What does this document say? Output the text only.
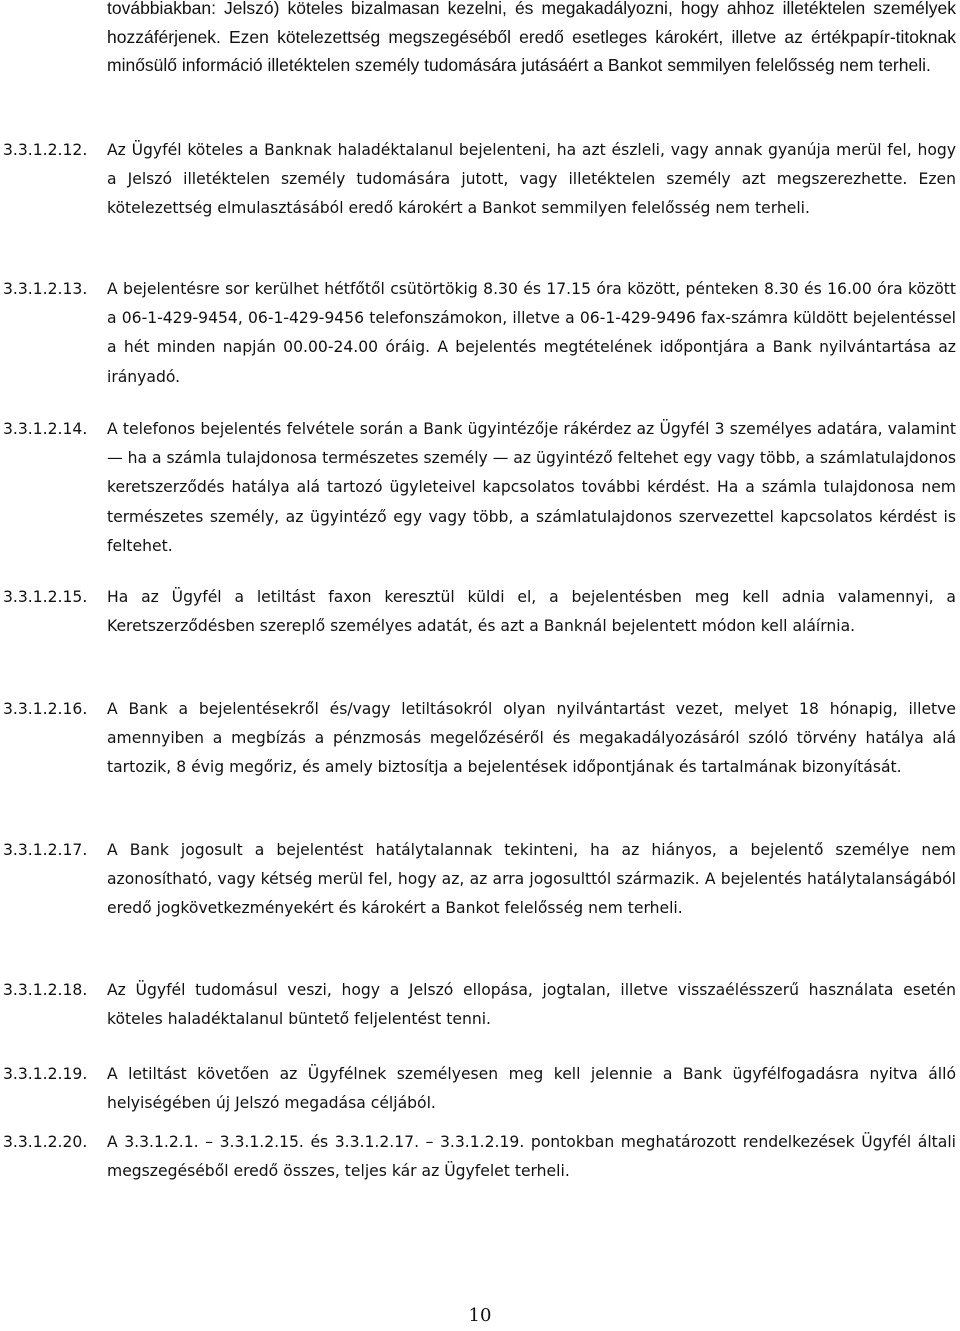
továbbiakban: Jelszó) köteles bizalmasan kezelni, és megakadályozni, hogy ahhoz illetéktelen személyek hozzáférjenek. Ezen kötelezettség megszegéséből eredő esetleges károkért, illetve az értékpapír-titoknak minősülő információ illetéktelen személy tudomására jutásáért a Bankot semmilyen felelősség nem terheli.

3.3.1.2.12. Az Ügyfél köteles a Banknak haladéktalanul bejelenteni, ha azt észleli, vagy annak gyanúja merül fel, hogy a Jelszó illetéktelen személy tudomására jutott, vagy illetéktelen személy azt megszerezhette. Ezen kötelezettség elmulasztásából eredő károkért a Bankot semmilyen felelősség nem terheli.
3.3.1.2.13. A bejelentésre sor kerülhet hétfőtől csütörtökig 8.30 és 17.15 óra között, pénteken 8.30 és 16.00 óra között a 06-1-429-9454, 06-1-429-9456 telefonszámokon, illetve a 06-1-429-9496 fax-számra küldött bejelentéssel a hét minden napján 00.00-24.00 óráig. A bejelentés megtételének időpontjára a Bank nyilvántartása az irányadó.
3.3.1.2.14. A telefonos bejelentés felvétele során a Bank ügyintézője rákérdez az Ügyfél 3 személyes adatára, valamint — ha a számla tulajdonosa természetes személy — az ügyintéző feltehet egy vagy több, a számlatulajdonos keretszerződés hatálya alá tartozó ügyleteivel kapcsolatos további kérdést. Ha a számla tulajdonosa nem természetes személy, az ügyintéző egy vagy több, a számlatulajdonos szervezettel kapcsolatos kérdést is feltehet.
3.3.1.2.15. Ha az Ügyfél a letiltást faxon keresztül küldi el, a bejelentésben meg kell adnia valamennyi, a Keretszerződésben szereplő személyes adatát, és azt a Banknál bejelentett módon kell aláírnia.
3.3.1.2.16. A Bank a bejelentésekről és/vagy letiltásokról olyan nyilvántartást vezet, melyet 18 hónapig, illetve amennyiben a megbízás a pénzmosás megelőzéséről és megakadályozásáról szóló törvény hatálya alá tartozik, 8 évig megőriz, és amely biztosítja a bejelentések időpontjának és tartalmának bizonyítását.
3.3.1.2.17. A Bank jogosult a bejelentést hatálytalannak tekinteni, ha az hiányos, a bejelentő személye nem azonosítható, vagy kétség merül fel, hogy az, az arra jogosulttól származik. A bejelentés hatálytalanságából eredő jogkövetkezményekért és károkért a Bankot felelősség nem terheli.
3.3.1.2.18. Az Ügyfél tudomásul veszi, hogy a Jelszó ellopása, jogtalan, illetve visszaélésszerű használata esetén köteles haladéktalanul büntető feljelentést tenni.
3.3.1.2.19. A letiltást követően az Ügyfélnek személyesen meg kell jelennie a Bank ügyfélfogadásra nyitva álló helyiségében új Jelszó megadása céljából.
3.3.1.2.20. A 3.3.1.2.1. – 3.3.1.2.15. és 3.3.1.2.17. – 3.3.1.2.19. pontokban meghatározott rendelkezések Ügyfél általi megszegéséből eredő összes, teljes kár az Ügyfelet terheli.
10
